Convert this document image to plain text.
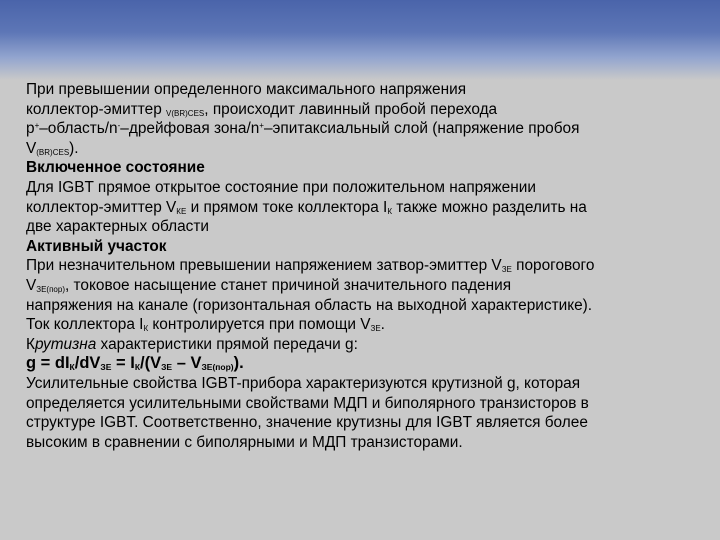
При превышении определенного максимального напряжения

коллектор-эмиттер $_{V(BR)CES}$, происходит лавинный пробой перехода

p+–область/n-–дрейфовая зона/n+–эпитаксиальный слой (напряжение пробоя

$V_{(BR)CES}$).

Включенное состояние

Для IGBT прямое открытое состояние при положительном напряжении

коллектор-эмиттер $V_{КЕ}$ и прямом токе коллектора $I_К$ также можно разделить на

две характерных области

Активный участок

При незначительном превышении напряжением затвор-эмиттер $V_{ЗЕ}$ порогового

$V_{ЗЕ(пор)}$, токовое насыщение станет причиной значительного падения

напряжения на канале (горизонтальная область на выходной характеристике).

Ток коллектора $I_К$ контролируется при помощи $V_{ЗЕ}$.

Крутизна характеристики прямой передачи g:

$g = dI_К/dV_{ЗЕ} = I_К/(V_{ЗЕ} - V_{ЗЕ(пор)})$.

Усилительные свойства IGBT-прибора характеризуются крутизной g, которая

определяется усилительными свойствами МДП и биполярного транзисторов в

структуре IGBT. Соответственно, значение крутизны для IGBT является более

высоким в сравнении с биполярными и МДП транзисторами.
